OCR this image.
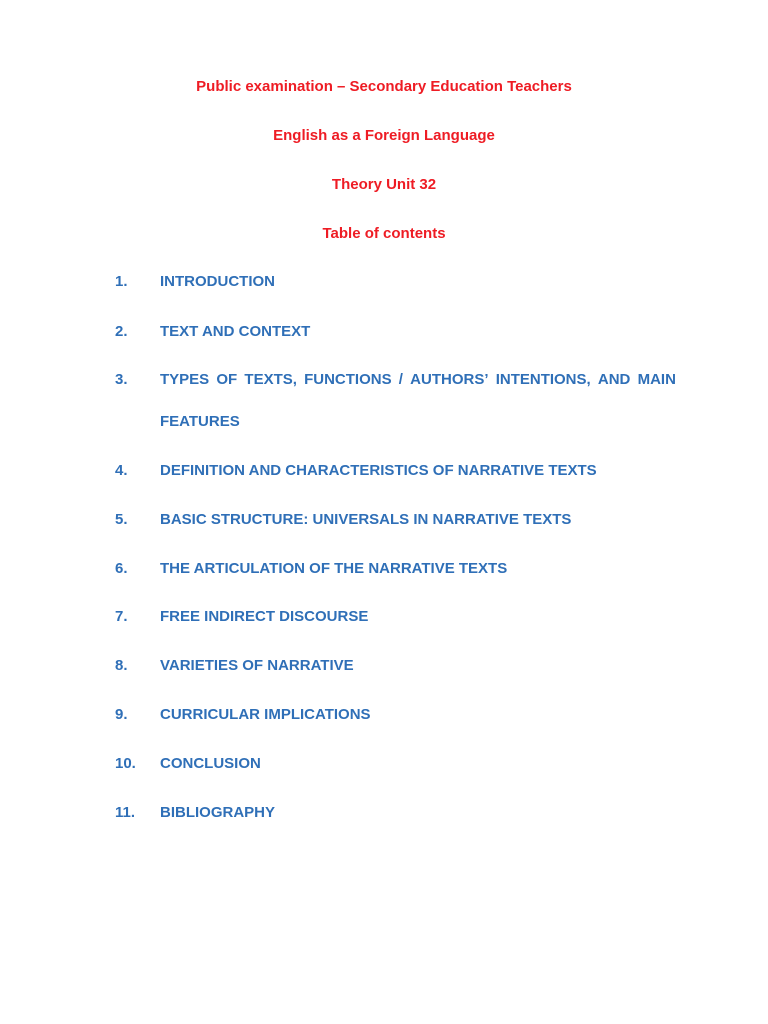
Public examination – Secondary Education Teachers
English as a Foreign Language
Theory Unit 32
Table of contents
1. INTRODUCTION
2. TEXT AND CONTEXT
3. TYPES OF TEXTS, FUNCTIONS / AUTHORS’ INTENTIONS, AND MAIN
FEATURES
4. DEFINITION AND CHARACTERISTICS OF NARRATIVE TEXTS
5. BASIC STRUCTURE: UNIVERSALS IN NARRATIVE TEXTS
6. THE ARTICULATION OF THE NARRATIVE TEXTS
7. FREE INDIRECT DISCOURSE
8. VARIETIES OF NARRATIVE
9. CURRICULAR IMPLICATIONS
10. CONCLUSION
11. BIBLIOGRAPHY
